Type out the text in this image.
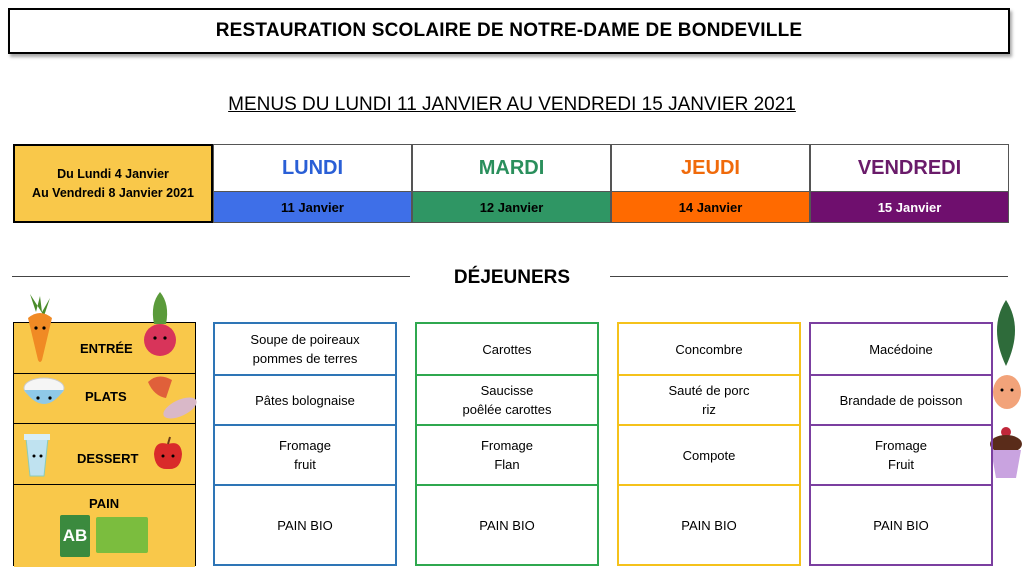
RESTAURATION SCOLAIRE DE NOTRE-DAME DE BONDEVILLE
MENUS DU LUNDI 11 JANVIER AU VENDREDI 15 JANVIER 2021
Du Lundi 4 Janvier
Au Vendredi 8 Janvier 2021
LUNDI
11 Janvier
MARDI
12 Janvier
JEUDI
14 Janvier
VENDREDI
15 Janvier
DÉJEUNERS
ENTRÉE
PLATS
DESSERT
PAIN
AB
Soupe de poireaux
pommes de terres
Pâtes bolognaise
Fromage
fruit
PAIN BIO
Carottes
Saucisse
poêlée carottes
Fromage
Flan
PAIN BIO
Concombre
Sauté de porc
riz
Compote
PAIN BIO
Macédoine
Brandade de poisson
Fromage
Fruit
PAIN BIO
